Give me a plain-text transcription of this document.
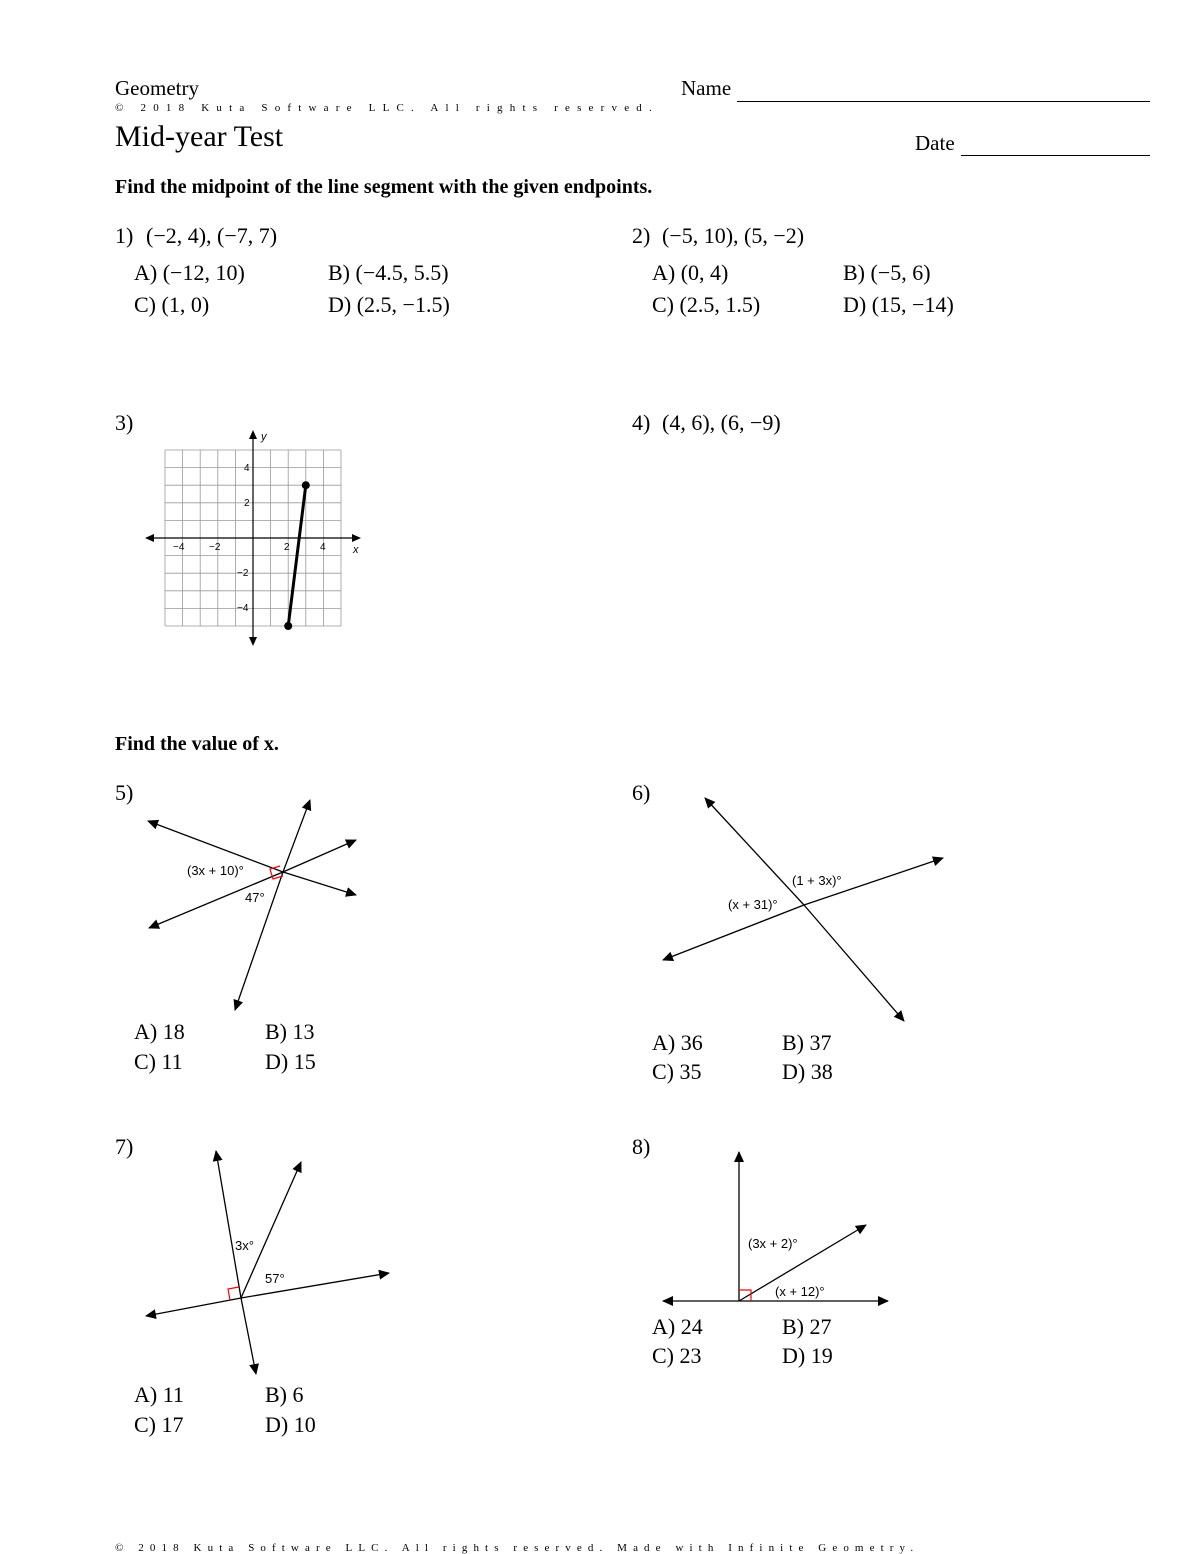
Geometry
© 2018 Kuta Software LLC. All rights reserved.
Mid-year Test
Name
Date
Find the midpoint of the line segment with the given endpoints.
1) (−2, 4), (−7, 7)
A) (−12, 10)	B) (−4.5, 5.5)
C) (1, 0)	D) (2.5, −1.5)
2) (−5, 10), (5, −2)
A) (0, 4)	B) (−5, 6)
C) (2.5, 1.5)	D) (15, −14)
3)
x
y
−4 −2	2	4
4
2
−2
−4
4) (4, 6), (6, −9)
Find the value of x.
5)
(3x + 10)°
47°
(1 + 3x)°
(x + 31)°
3x°
57°
(3x + 2)°
(x + 12)°
A) 18	B) 13
C) 11	D) 15
6)
A) 36	B) 37
C) 35	D) 38
7)
A) 11	B) 6
C) 17	D) 10
8)
A) 24	B) 27
C) 23	D) 19
© 2018 Kuta Software LLC. All rights reserved. Made with Infinite Geometry.
